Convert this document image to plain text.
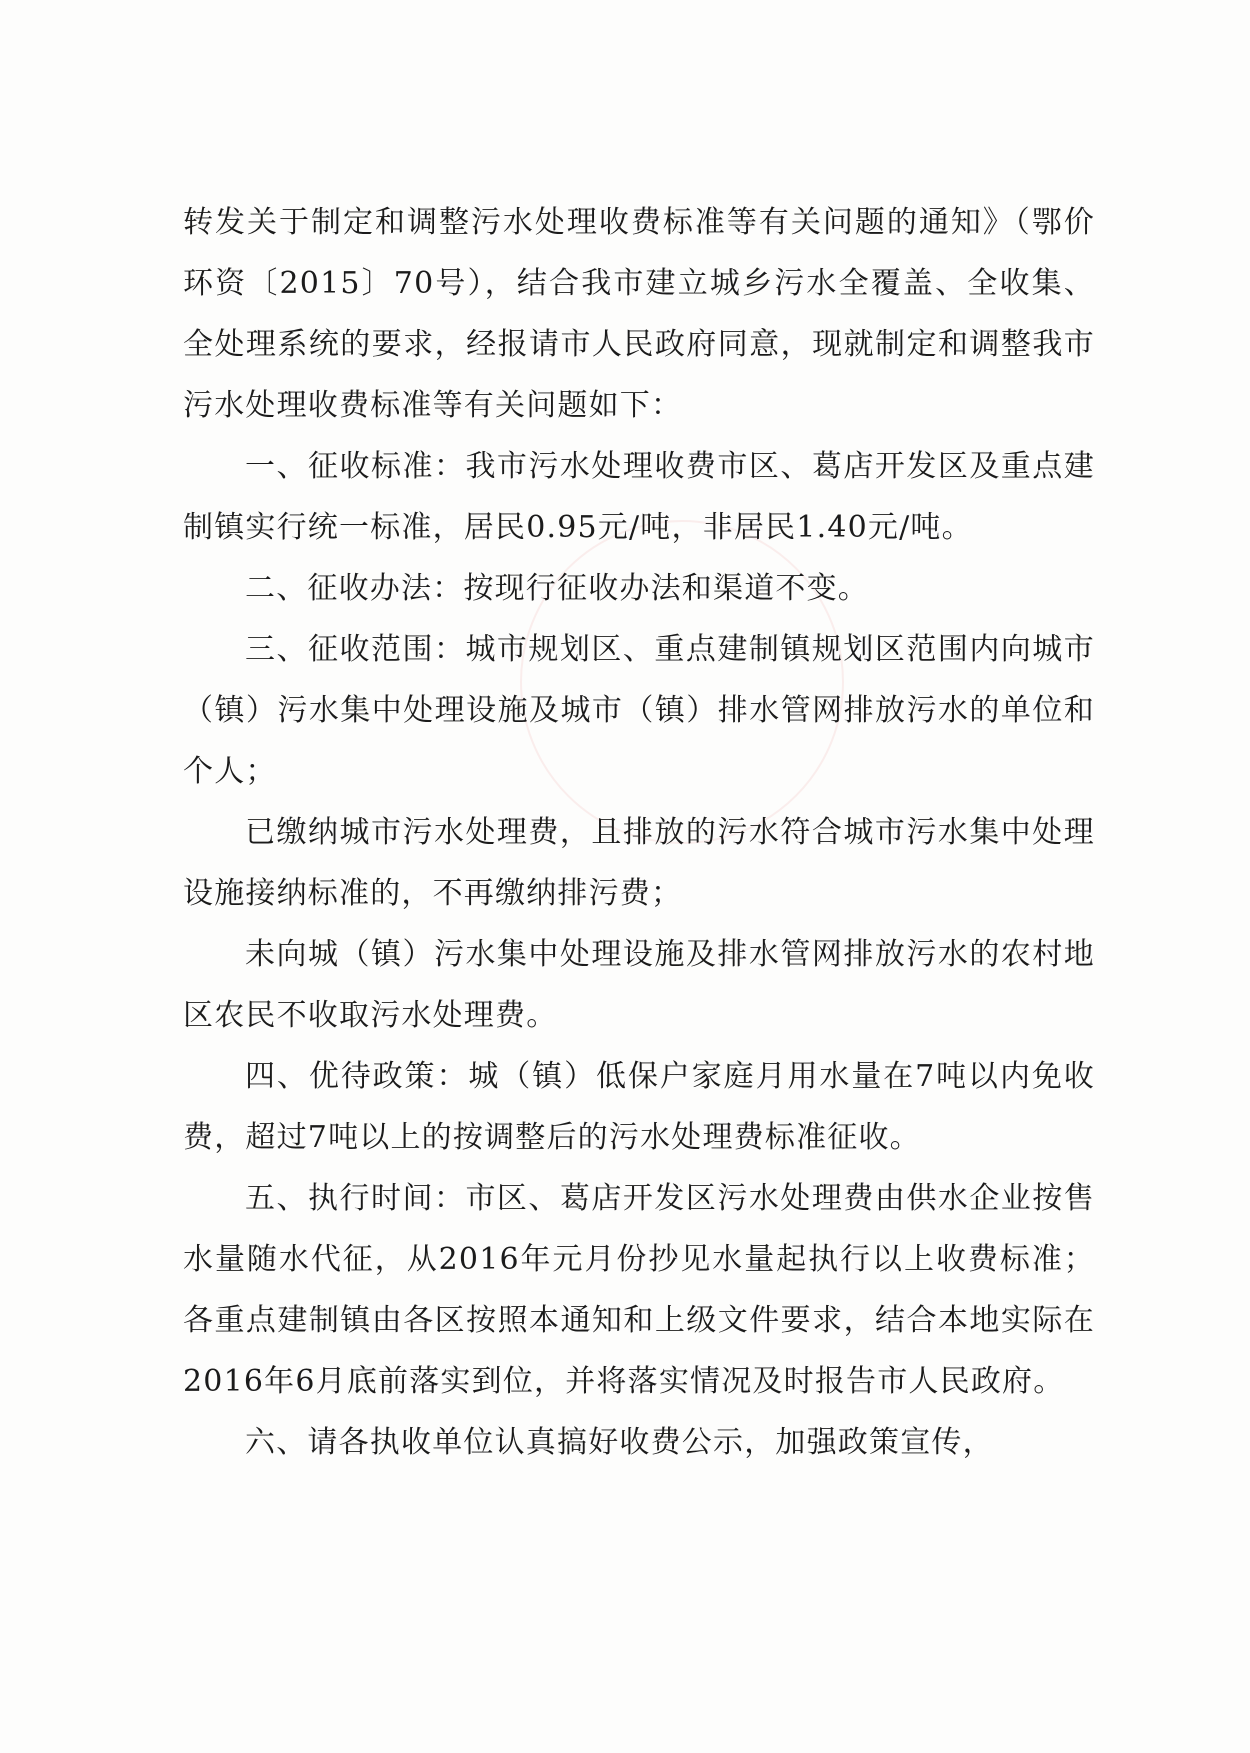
转发关于制定和调整污水处理收费标准等有关问题的通知》（鄂价环资〔2015〕70号），结合我市建立城乡污水全覆盖、全收集、全处理系统的要求，经报请市人民政府同意，现就制定和调整我市污水处理收费标准等有关问题如下：

一、征收标准：我市污水处理收费市区、葛店开发区及重点建制镇实行统一标准，居民0.95元/吨，非居民1.40元/吨。

二、征收办法：按现行征收办法和渠道不变。

三、征收范围：城市规划区、重点建制镇规划区范围内向城市（镇）污水集中处理设施及城市（镇）排水管网排放污水的单位和个人；

已缴纳城市污水处理费，且排放的污水符合城市污水集中处理设施接纳标准的，不再缴纳排污费；

未向城（镇）污水集中处理设施及排水管网排放污水的农村地区农民不收取污水处理费。

四、优待政策：城（镇）低保户家庭月用水量在7吨以内免收费，超过7吨以上的按调整后的污水处理费标准征收。

五、执行时间：市区、葛店开发区污水处理费由供水企业按售水量随水代征，从2016年元月份抄见水量起执行以上收费标准；各重点建制镇由各区按照本通知和上级文件要求，结合本地实际在2016年6月底前落实到位，并将落实情况及时报告市人民政府。

六、请各执收单位认真搞好收费公示，加强政策宣传，
